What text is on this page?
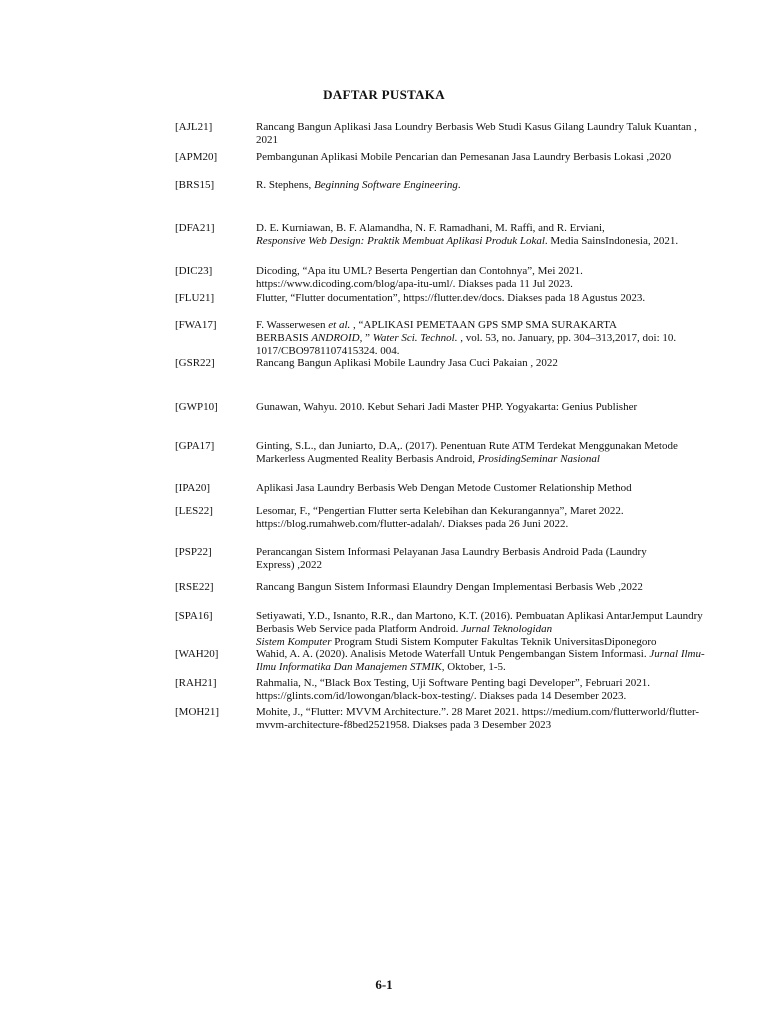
DAFTAR PUSTAKA
[AJL21]	Rancang Bangun Aplikasi Jasa Loundry Berbasis Web Studi Kasus Gilang Laundry Taluk Kuantan ,
2021
[APM20]	Pembangunan Aplikasi Mobile Pencarian dan Pemesanan Jasa Laundry Berbasis Lokasi ,2020
[BRS15]	R. Stephens, Beginning Software Engineering.
[DFA21]	D. E. Kurniawan, B. F. Alamandha, N. F. Ramadhani, M. Raffi, and R. Erviani,
Responsive Web Design: Praktik Membuat Aplikasi Produk Lokal. Media SainsIndonesia, 2021.
[DIC23]	Dicoding, “Apa itu UML? Beserta Pengertian dan Contohnya”, Mei 2021.
https://www.dicoding.com/blog/apa-itu-uml/. Diakses pada 11 Jul 2023.
[FLU21]	Flutter, “Flutter documentation”, https://flutter.dev/docs. Diakses pada 18 Agustus 2023.
[FWA17]	F. Wasserwesen et al. , “APLIKASI PEMETAAN GPS SMP SMA SURAKARTA
BERBASIS ANDROID, ” Water Sci. Technol. , vol. 53, no. January, pp. 304–313,2017, doi: 10.
1017/CBO9781107415324. 004.
[GSR22]	Rancang Bangun Aplikasi Mobile Laundry Jasa Cuci Pakaian , 2022
[GWP10]	Gunawan, Wahyu. 2010. Kebut Sehari Jadi Master PHP. Yogyakarta: Genius Publisher
[GPA17]	Ginting, S.L., dan Juniarto, D.A,. (2017). Penentuan Rute ATM Terdekat Menggunakan Metode
Markerless Augmented Reality Berbasis Android, ProsidingSeminar Nasional
[IPA20]	Aplikasi Jasa Laundry Berbasis Web Dengan Metode Customer Relationship Method
[LES22]	Lesomar, F., “Pengertian Flutter serta Kelebihan dan Kekurangannya”, Maret 2022.
https://blog.rumahweb.com/flutter-adalah/. Diakses pada 26 Juni 2022.
[PSP22]	Perancangan Sistem Informasi Pelayanan Jasa Laundry Berbasis Android Pada (Laundry
Express) ,2022
[RSE22]	Rancang Bangun Sistem Informasi Elaundry Dengan Implementasi Berbasis Web ,2022
[SPA16]	Setiyawati, Y.D., Isnanto, R.R., dan Martono, K.T. (2016). Pembuatan Aplikasi AntarJemput Laundry
Berbasis Web Service pada Platform Android. Jurnal Teknologidan
Sistem Komputer Program Studi Sistem Komputer Fakultas Teknik UniversitasDiponegoro
[WAH20]	Wahid, A. A. (2020). Analisis Metode Waterfall Untuk Pengembangan Sistem Informasi. Jurnal Ilmu-
Ilmu Informatika Dan Manajemen STMIK, Oktober, 1-5.
[RAH21]	Rahmalia, N., “Black Box Testing, Uji Software Penting bagi Developer”, Februari 2021.
https://glints.com/id/lowongan/black-box-testing/. Diakses pada 14 Desember 2023.
[MOH21]	Mohite, J., “Flutter: MVVM Architecture.”. 28 Maret 2021. https://medium.com/flutterworld/flutter-
mvvm-architecture-f8bed2521958. Diakses pada 3 Desember 2023
6-1
